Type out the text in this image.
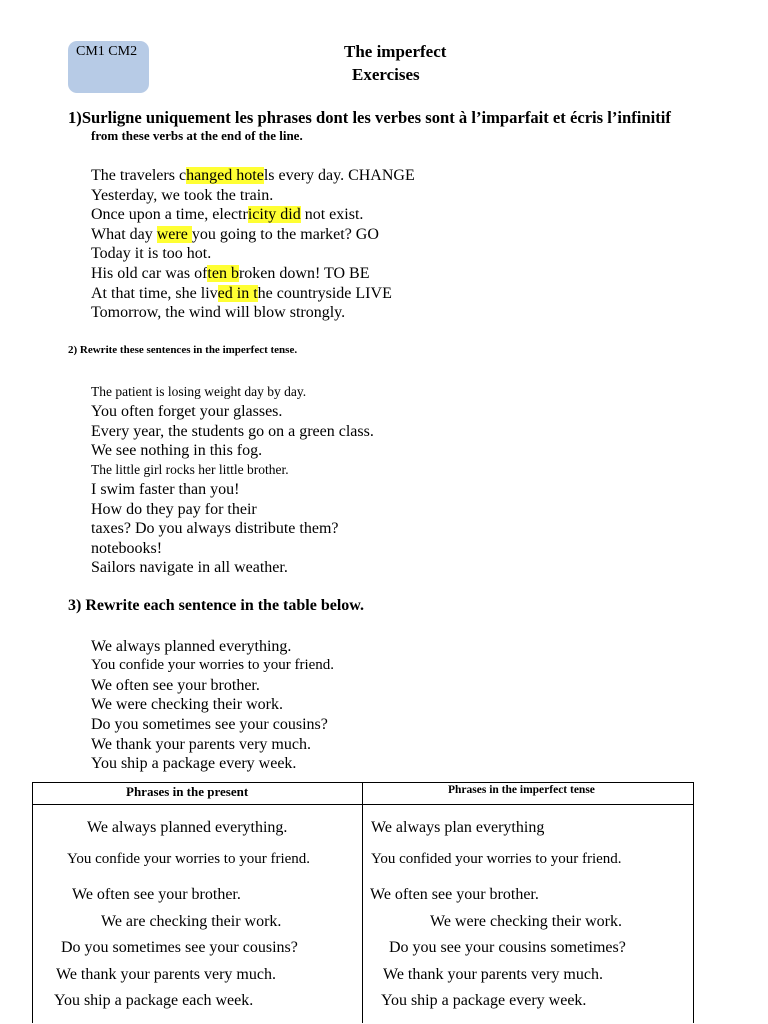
CM1 CM2	The imperfect
Exercises
1)Surligne uniquement les phrases dont les verbes sont à l’imparfait et écris l’infinitif
from these verbs at the end of the line.
The travelers changed hotels every day. CHANGE
Yesterday, we took the train.
Once upon a time, electricity did not exist.
What day were you going to the market? GO
Today it is too hot.
His old car was often broken down! TO BE
At that time, she lived in the countryside LIVE
Tomorrow, the wind will blow strongly.
2) Rewrite these sentences in the imperfect tense.
The patient is losing weight day by day.
You often forget your glasses.
Every year, the students go on a green class.
We see nothing in this fog.
The little girl rocks her little brother.
I swim faster than you!
How do they pay for their
taxes? Do you always distribute them?
notebooks!
Sailors navigate in all weather.
3) Rewrite each sentence in the table below.
We always planned everything.
You confide your worries to your friend.
We often see your brother.
We were checking their work.
Do you sometimes see your cousins?
We thank your parents very much.
You ship a package every week.
Phrases in the present	Phrases in the imperfect tense
We always planned everything.
You confide your worries to your friend.
We often see your brother.
We are checking their work.
Do you sometimes see your cousins?
We thank your parents very much.
You ship a package each week.
We always plan everything
You confided your worries to your friend.
We often see your brother.
We were checking their work.
Do you see your cousins sometimes?
We thank your parents very much.
You ship a package every week.
